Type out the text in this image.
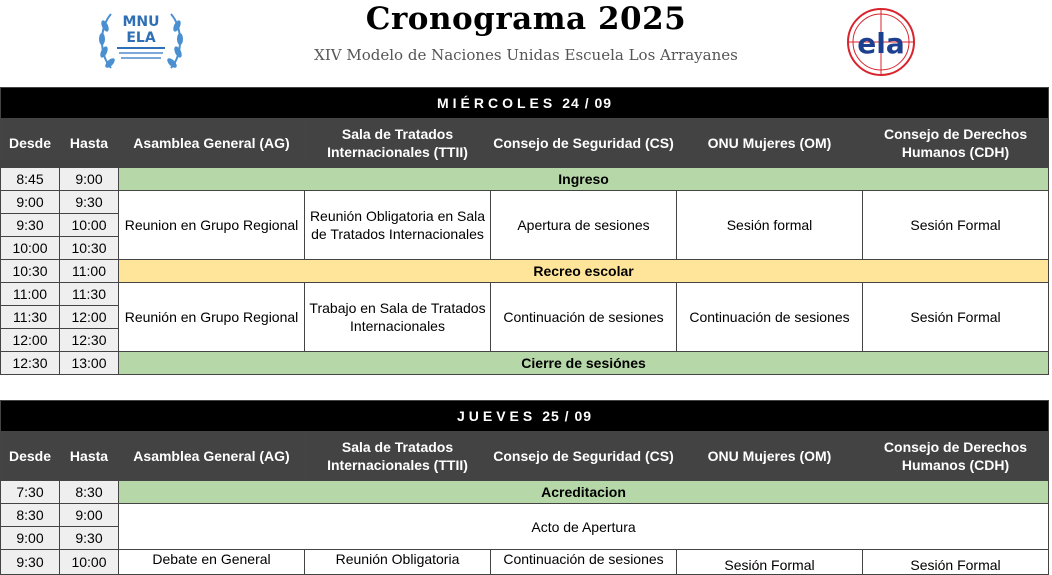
MNU
ELA
Cronograma 2025
XIV Modelo de Naciones Unidas Escuela Los Arrayanes	ela
MIÉRCOLES 24 / 09						
Desde	Hasta	Asamblea General (AG)	Sala de Tratados Internacionales (TTII)	Consejo de Seguridad (CS)	ONU Mujeres (OM)	Consejo de Derechos Humanos (CDH)
8:45	9:00	Ingreso				
9:00	9:30	Reunion en Grupo Regional	Reunión Obligatoria en Sala de Tratados Internacionales	Apertura de sesiones	Sesión formal	Sesión Formal
9:30	10:00					
10:00	10:30					
10:30	11:00	Recreo escolar				
11:00	11:30	Reunión en Grupo Regional	Trabajo en Sala de Tratados Internacionales	Continuación de sesiones	Continuación de sesiones	Sesión Formal
11:30	12:00					
12:00	12:30					
12:30	13:00	Cierre de sesiónes				
JUEVES 25 / 09						
Desde	Hasta	Asamblea General (AG)	Sala de Tratados Internacionales (TTII)	Consejo de Seguridad (CS)	ONU Mujeres (OM)	Consejo de Derechos Humanos (CDH)
7:30	8:30	Acreditacion				
8:30	9:00	Acto de Apertura				
9:00	9:30					
9:30	10:00	Debate en General	Reunión Obligatoria	Continuación de sesiones	Sesión Formal	Sesión Formal
